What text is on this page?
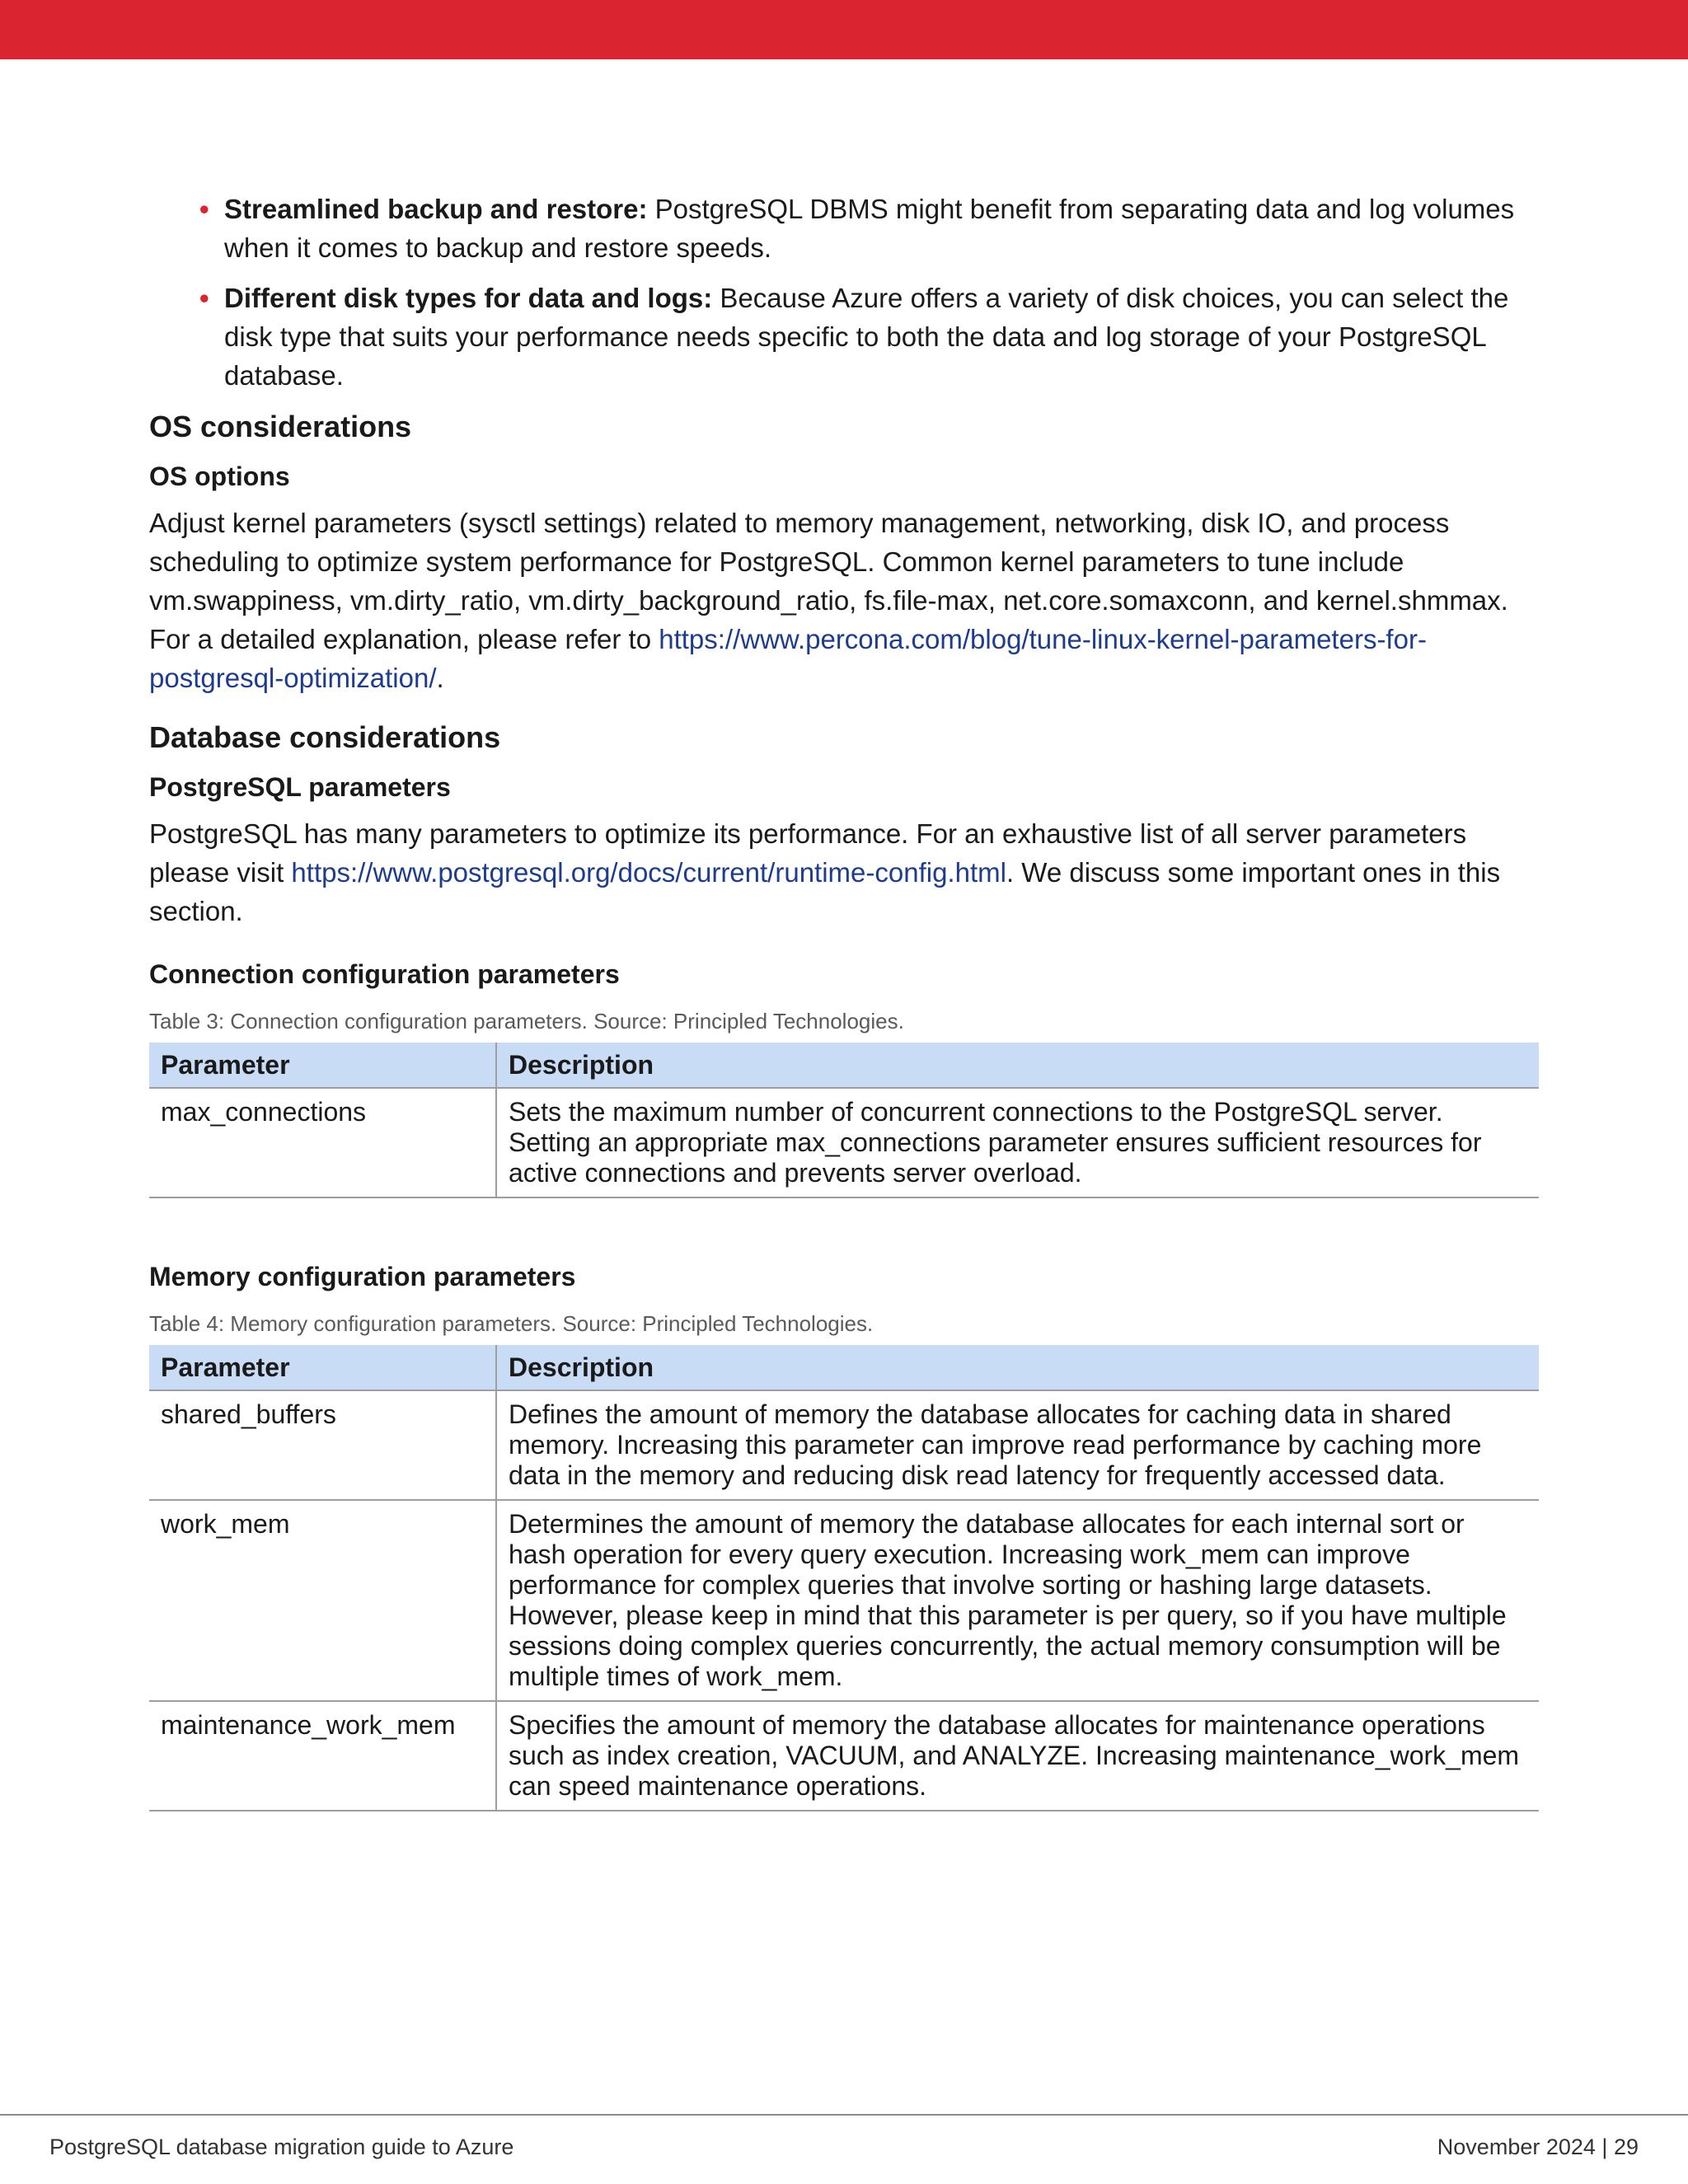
• Streamlined backup and restore: PostgreSQL DBMS might benefit from separating data and log volumes when it comes to backup and restore speeds.
• Different disk types for data and logs: Because Azure offers a variety of disk choices, you can select the disk type that suits your performance needs specific to both the data and log storage of your PostgreSQL database.
OS considerations
OS options

Adjust kernel parameters (sysctl settings) related to memory management, networking, disk IO, and process scheduling to optimize system performance for PostgreSQL. Common kernel parameters to tune include vm.swappiness, vm.dirty_ratio, vm.dirty_background_ratio, fs.file-max, net.core.somaxconn, and kernel.shmmax. For a detailed explanation, please refer to https://www.percona.com/blog/tune-linux-kernel-parameters-for-postgresql-optimization/.

Database considerations
PostgreSQL parameters

PostgreSQL has many parameters to optimize its performance. For an exhaustive list of all server parameters please visit https://www.postgresql.org/docs/current/runtime-config.html. We discuss some important ones in this section.

Connection configuration parameters

Table 3: Connection configuration parameters. Source: Principled Technologies.

Parameter	Description
max_connections	Sets the maximum number of concurrent connections to the PostgreSQL server. Setting an appropriate max_connections parameter ensures sufficient resources for active connections and prevents server overload.
Memory configuration parameters

Table 4: Memory configuration parameters. Source: Principled Technologies.

Parameter	Description
shared_buffers	Defines the amount of memory the database allocates for caching data in shared memory. Increasing this parameter can improve read performance by caching more data in the memory and reducing disk read latency for frequently accessed data.
work_mem	Determines the amount of memory the database allocates for each internal sort or hash operation for every query execution. Increasing work_mem can improve performance for complex queries that involve sorting or hashing large datasets. However, please keep in mind that this parameter is per query, so if you have multiple sessions doing complex queries concurrently, the actual memory consumption will be multiple times of work_mem.
maintenance_work_mem	Specifies the amount of memory the database allocates for maintenance operations such as index creation, VACUUM, and ANALYZE. Increasing maintenance_work_mem can speed maintenance operations.
PostgreSQL database migration guide to Azure	November 2024 | 29
